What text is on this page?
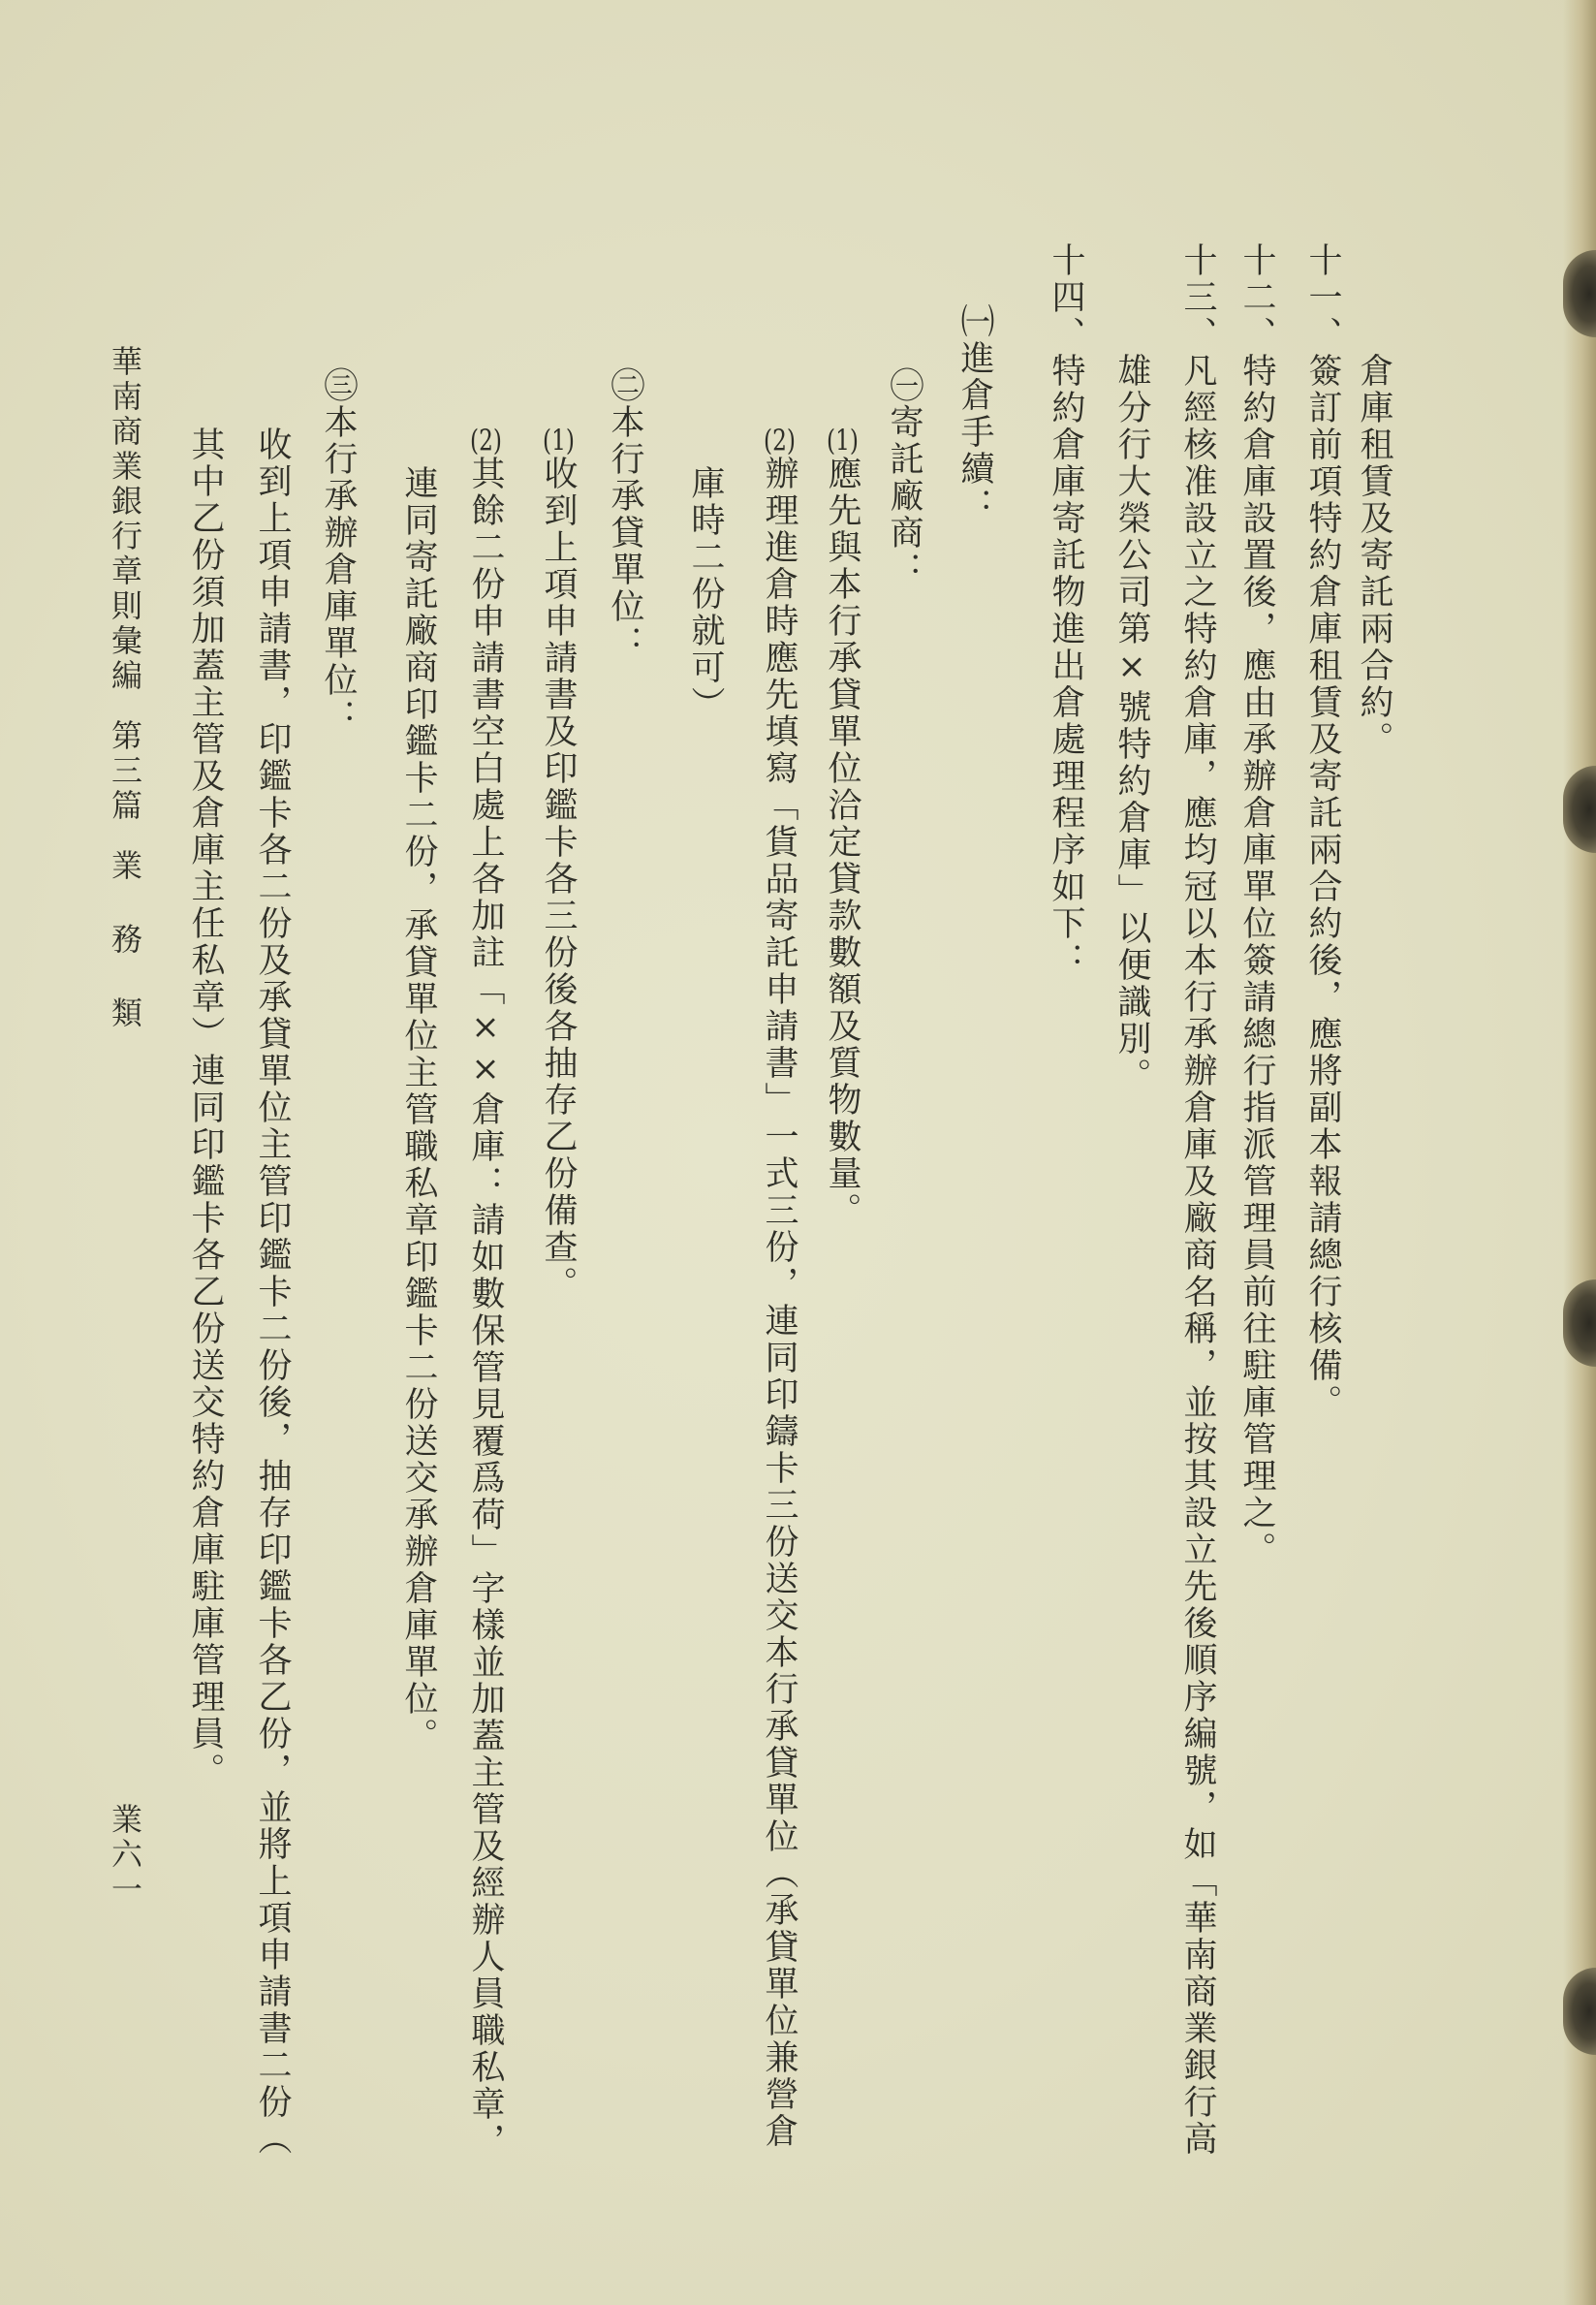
倉庫租賃及寄託兩合約。
十一、簽訂前項特約倉庫租賃及寄託兩合約後，應將副本報請總行核備。
十二、特約倉庫設置後，應由承辦倉庫單位簽請總行指派管理員前往駐庫管理之。
十三、凡經核准設立之特約倉庫，應均冠以本行承辦倉庫及廠商名稱，並按其設立先後順序編號，如「華南商業銀行高
雄分行大榮公司第×號特約倉庫」以便識別。
十四、特約倉庫寄託物進出倉處理程序如下：
㈠進倉手續：
㊀寄託廠商：
(1)應先與本行承貸單位洽定貸款數額及質物數量。
(2)辦理進倉時應先填寫「貨品寄託申請書」一式三份，連同印鑄卡三份送交本行承貸單位（承貸單位兼營倉
庫時二份就可）
㊁本行承貸單位：
(1)收到上項申請書及印鑑卡各三份後各抽存乙份備查。
(2)其餘二份申請書空白處上各加註「××倉庫：請如數保管見覆爲荷」字樣並加蓋主管及經辦人員職私章，
連同寄託廠商印鑑卡二份，承貸單位主管職私章印鑑卡二份送交承辦倉庫單位。
㊂本行承辦倉庫單位：
收到上項申請書，印鑑卡各二份及承貸單位主管印鑑卡二份後，抽存印鑑卡各乙份，並將上項申請書二份（
其中乙份須加蓋主管及倉庫主任私章）連同印鑑卡各乙份送交特約倉庫駐庫管理員。
華南商業銀行章則彙編第三篇業務類
業六一
